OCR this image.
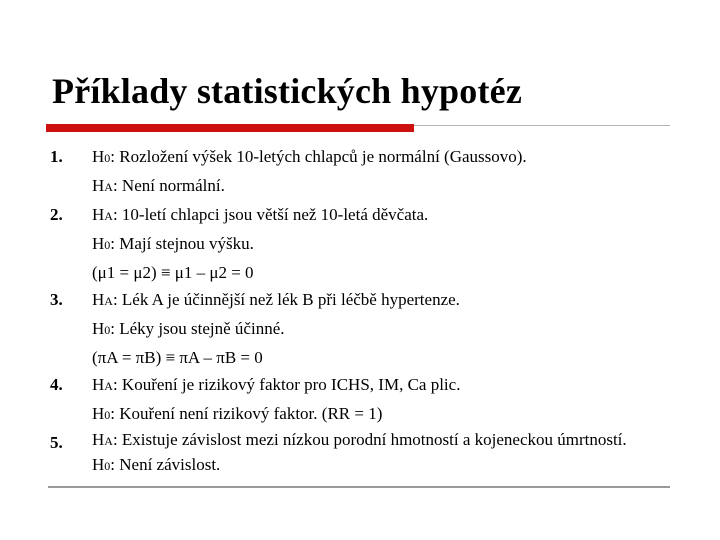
Příklady statistických hypotéz
1.	H0: Rozložení výšek 10-letých chlapců je normální (Gaussovo).
HA: Není normální.
2.	HA: 10-letí chlapci jsou větší než 10-letá děvčata.
H0: Mají stejnou výšku.
(μ1 = μ2) ≡ μ1 – μ2 = 0
3.	HA: Lék A je účinnější než lék B při léčbě hypertenze.
H0: Léky jsou stejně účinné.
(πA = πB) ≡ πA – πB = 0
4.	HA: Kouření je rizikový faktor pro ICHS, IM, Ca plic.
H0: Kouření není rizikový faktor. (RR = 1)
5.	HA: Existuje závislost mezi nízkou porodní hmotností a kojeneckou úmrtností.
H0: Není závislost.
